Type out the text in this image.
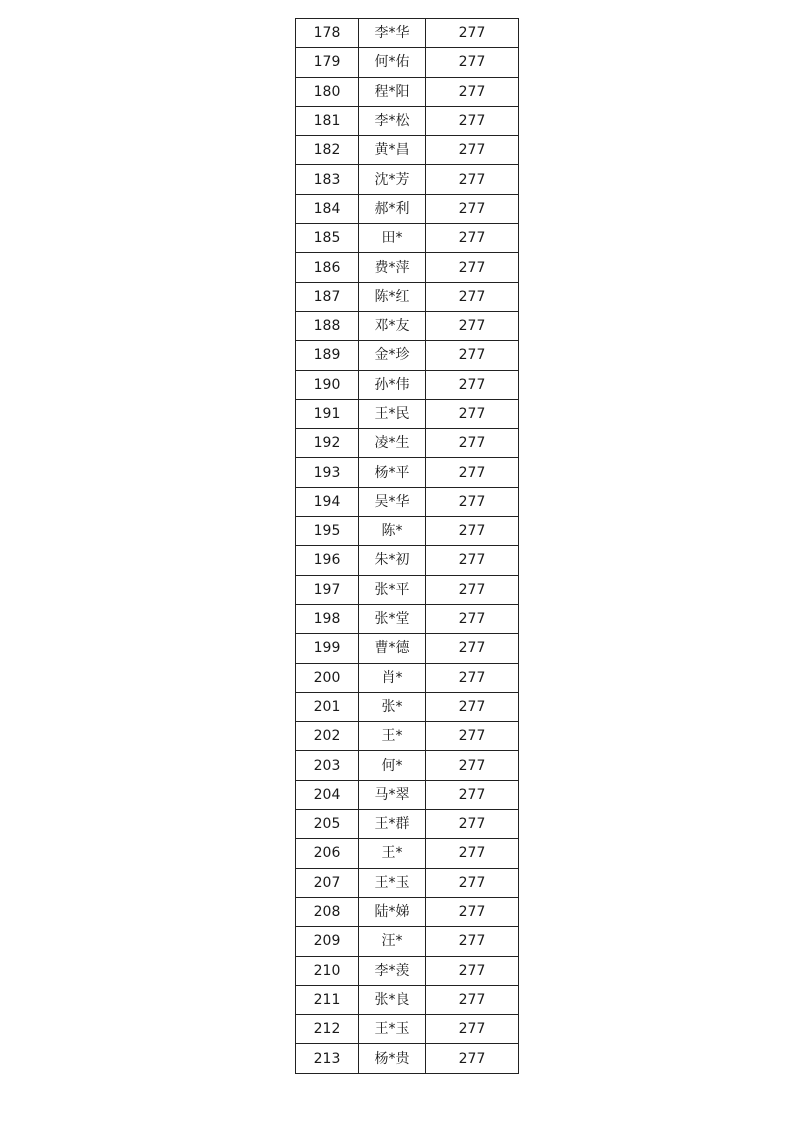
178	李*华	277
179	何*佑	277
180	程*阳	277
181	李*松	277
182	黄*昌	277
183	沈*芳	277
184	郝*利	277
185	田*	277
186	费*萍	277
187	陈*红	277
188	邓*友	277
189	金*珍	277
190	孙*伟	277
191	王*民	277
192	凌*生	277
193	杨*平	277
194	吴*华	277
195	陈*	277
196	朱*初	277
197	张*平	277
198	张*堂	277
199	曹*德	277
200	肖*	277
201	张*	277
202	王*	277
203	何*	277
204	马*翠	277
205	王*群	277
206	王*	277
207	王*玉	277
208	陆*娣	277
209	汪*	277
210	李*羡	277
211	张*良	277
212	王*玉	277
213	杨*贵	277
